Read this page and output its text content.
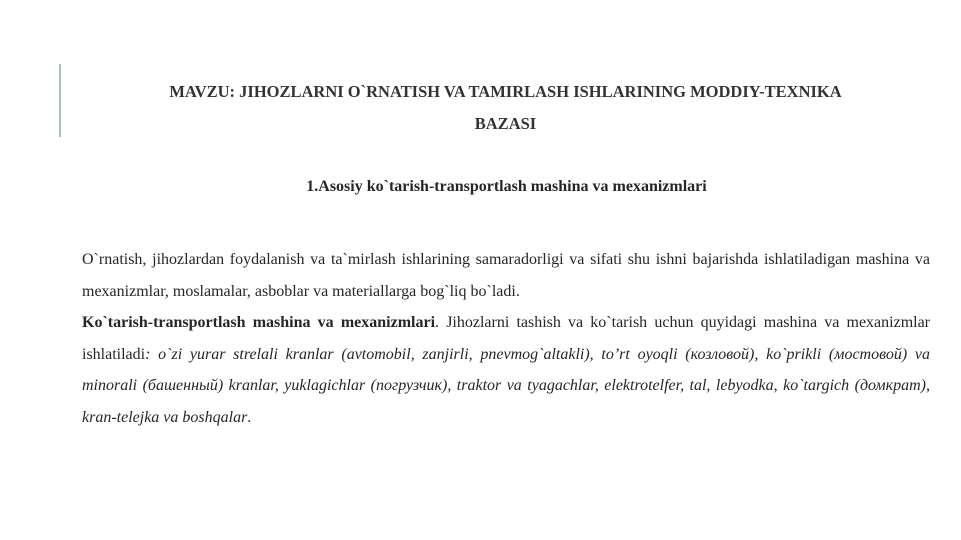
MAVZU: JIHOZLARNI O`RNATISH VA TAMIRLASH ISHLARINING MODDIY-TEXNIKA
BAZASI
1.Asosiy ko`tarish-transportlash mashina va mexanizmlari

O`rnatish, jihozlardan foydalanish va ta`mirlash ishlarining samaradorligi va sifati shu ishni bajarishda ishlatiladigan mashina va mexanizmlar, moslamalar, asboblar va materiallarga bog`liq bo`ladi.

Ko`tarish-transportlash mashina va mexanizmlari. Jihozlarni tashish va ko`tarish uchun quyidagi mashina va mexanizmlar ishlatiladi: o`zi yurar strelali kranlar (avtomobil, zanjirli, pnevmog`altakli), to’rt oyoqli (козловой), ko`prikli (мостовой) va minorali (башенный) kranlar, yuklagichlar (погрузчик), traktor va tyagachlar, elektrotelfer, tal, lebyodka, ko`targich (домкрат), kran-telejka va boshqalar.
